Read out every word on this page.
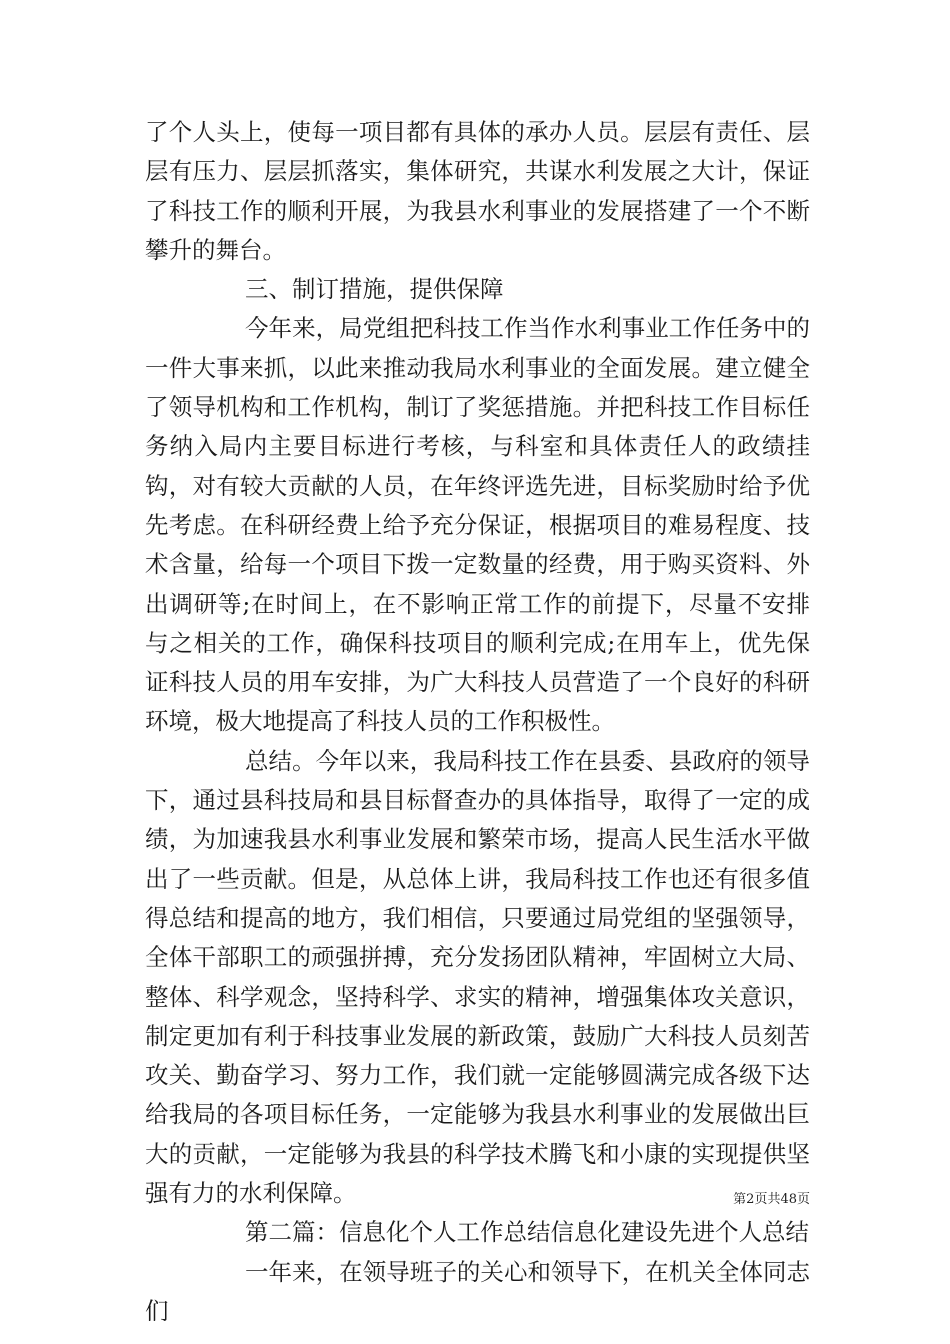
了个人头上，使每一项目都有具体的承办人员。层层有责任、层层有压力、层层抓落实，集体研究，共谋水利发展之大计，保证了科技工作的顺利开展，为我县水利事业的发展搭建了一个不断攀升的舞台。

三、制订措施，提供保障

今年来，局党组把科技工作当作水利事业工作任务中的一件大事来抓，以此来推动我局水利事业的全面发展。建立健全了领导机构和工作机构，制订了奖惩措施。并把科技工作目标任务纳入局内主要目标进行考核，与科室和具体责任人的政绩挂钩，对有较大贡献的人员，在年终评选先进，目标奖励时给予优先考虑。在科研经费上给予充分保证，根据项目的难易程度、技术含量，给每一个项目下拨一定数量的经费，用于购买资料、外出调研等;在时间上，在不影响正常工作的前提下，尽量不安排与之相关的工作，确保科技项目的顺利完成;在用车上，优先保证科技人员的用车安排，为广大科技人员营造了一个良好的科研环境，极大地提高了科技人员的工作积极性。

总结。今年以来，我局科技工作在县委、县政府的领导下，通过县科技局和县目标督查办的具体指导，取得了一定的成绩，为加速我县水利事业发展和繁荣市场，提高人民生活水平做出了一些贡献。但是，从总体上讲，我局科技工作也还有很多值得总结和提高的地方，我们相信，只要通过局党组的坚强领导，全体干部职工的顽强拼搏，充分发扬团队精神，牢固树立大局、整体、科学观念，坚持科学、求实的精神，增强集体攻关意识，制定更加有利于科技事业发展的新政策，鼓励广大科技人员刻苦攻关、勤奋学习、努力工作，我们就一定能够圆满完成各级下达给我局的各项目标任务，一定能够为我县水利事业的发展做出巨大的贡献，一定能够为我县的科学技术腾飞和小康的实现提供坚强有力的水利保障。

第二篇：信息化个人工作总结信息化建设先进个人总结

一年来，在领导班子的关心和领导下，在机关全体同志们

第2页共48页
